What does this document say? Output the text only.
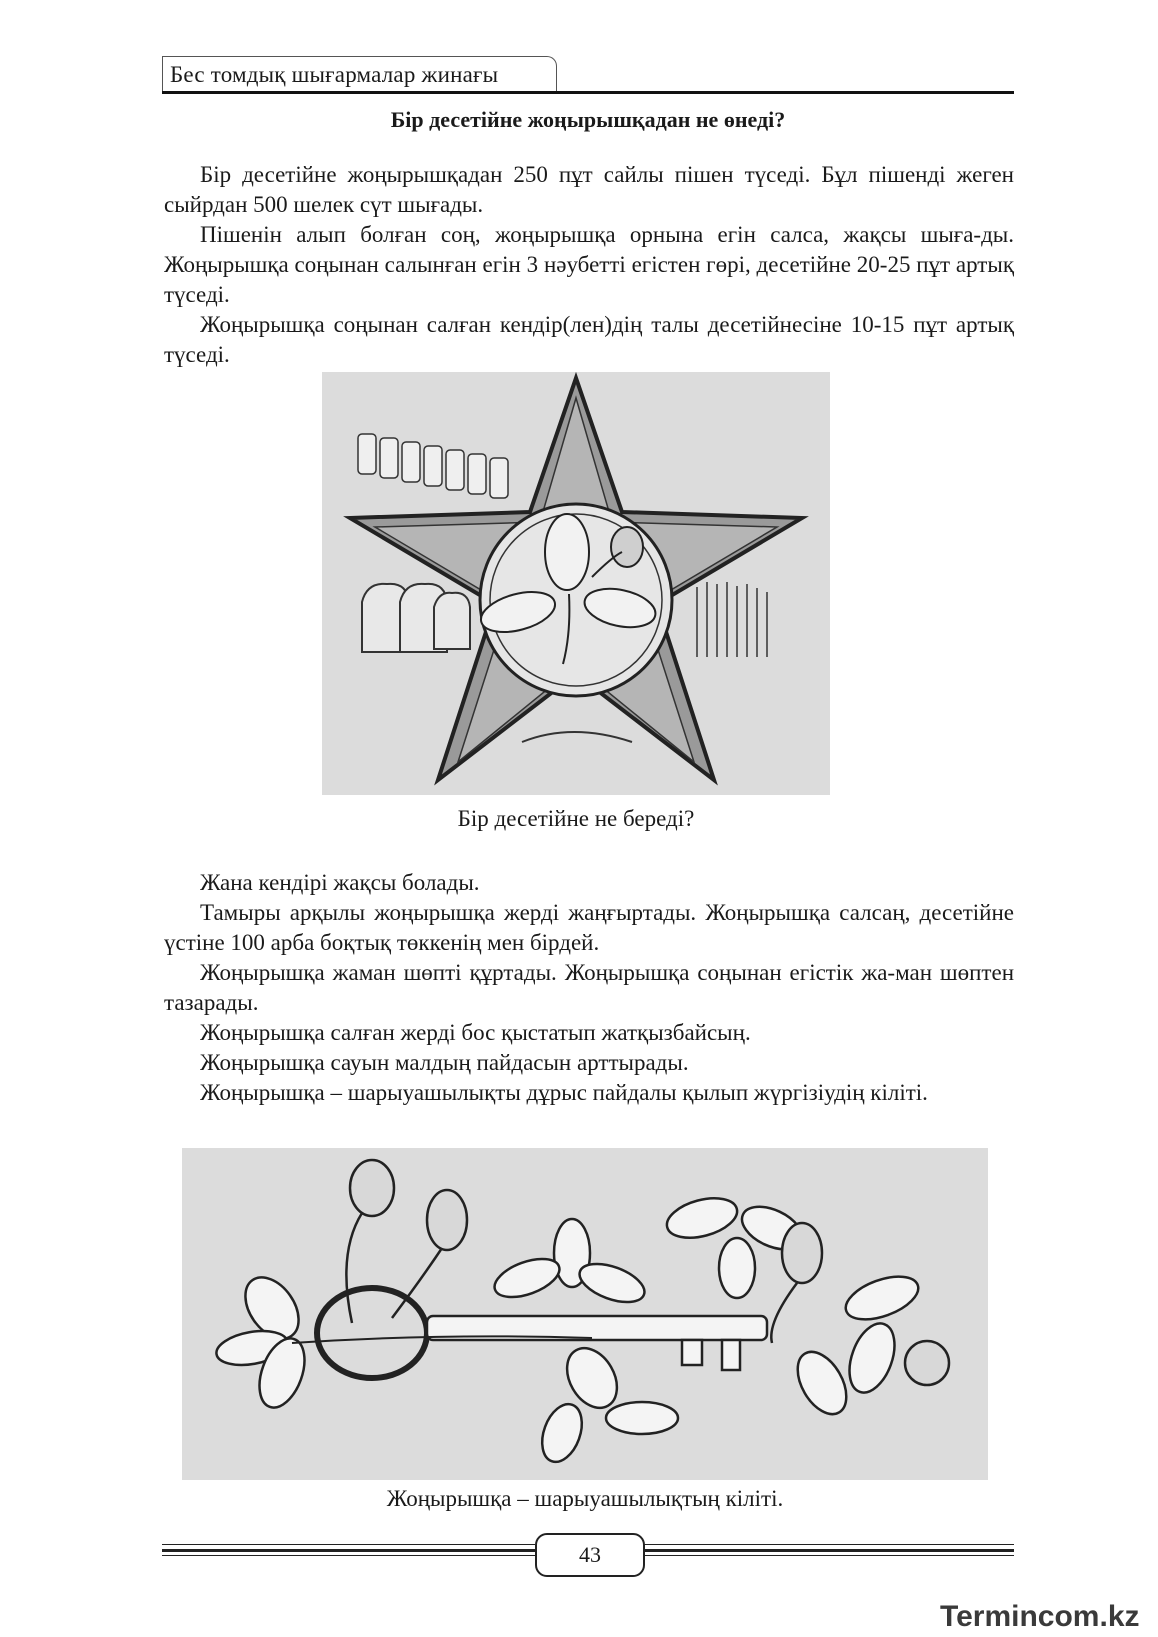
Бес томдық шығармалар жинағы
Бір десетійне жоңырышқадан не өнеді?

Бір десетійне жоңырышқадан 250 пұт сайлы пішен түседі. Бұл пішенді жеген сыйрдан 500 шелек сүт шығады.

Пішенін алып болған соң, жоңырышқа орнына егін салса, жақсы шыға-ды. Жоңырышқа соңынан салынған егін 3 нәубетті егістен гөрі, десетійне 20-25 пұт артық түседі.

Жоңырышқа соңынан салған кендір(лен)дің талы десетійнесіне 10-15 пұт артық түседі.

Бір десетійне не береді?

Жана кендірі жақсы болады.

Тамыры арқылы жоңырышқа жерді жаңғыртады. Жоңырышқа салсаң, десетійне үстіне 100 арба боқтық төккенің мен бірдей.

Жоңырышқа жаман шөпті құртады. Жоңырышқа соңынан егістік жа-ман шөптен тазарады.

Жоңырышқа салған жерді бос қыстатып жатқызбайсың.

Жоңырышқа сауын малдың пайдасын арттырады.

Жоңырышқа – шарыуашылықты дұрыс пайдалы қылып жүргізіудің кілiтi.

Жоңырышқа – шарыуашылықтың кілiтi.
43
Termincom.kz
